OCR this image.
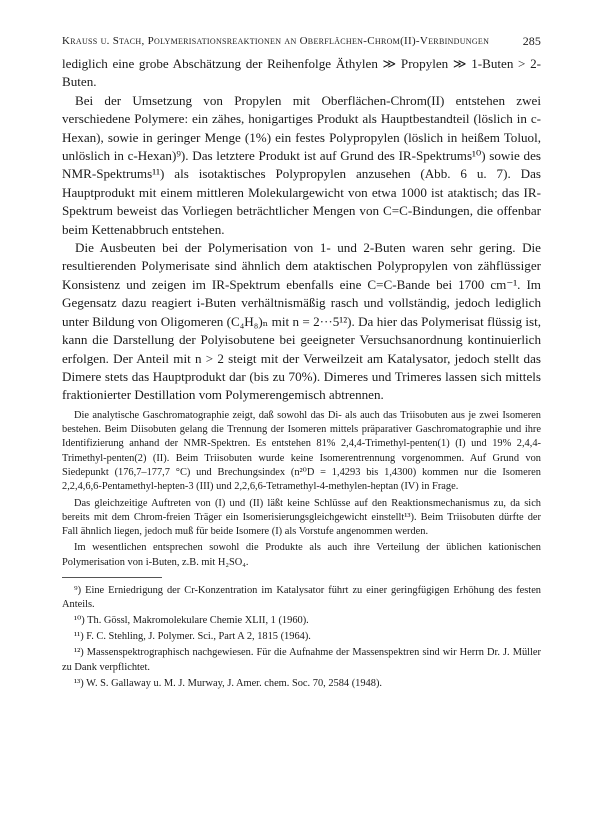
Krauss u. Stach, Polymerisationsreaktionen an Oberflächen-Chrom(II)-Verbindungen	285

lediglich eine grobe Abschätzung der Reihenfolge Äthylen ≫ Propylen ≫ 1-Buten > 2-Buten.

Bei der Umsetzung von Propylen mit Oberflächen-Chrom(II) entstehen zwei verschiedene Polymere: ein zähes, honigartiges Produkt als Hauptbestandteil (löslich in c-Hexan), sowie in geringer Menge (1%) ein festes Polypropylen (löslich in heißem Toluol, unlöslich in c-Hexan)⁹). Das letztere Produkt ist auf Grund des IR-Spektrums¹⁰) sowie des NMR-Spektrums¹¹) als isotaktisches Polypropylen anzusehen (Abb. 6 u. 7). Das Hauptprodukt mit einem mittleren Molekulargewicht von etwa 1000 ist ataktisch; das IR-Spektrum beweist das Vorliegen beträchtlicher Mengen von C=C-Bindungen, die offenbar beim Kettenabbruch entstehen.

Die Ausbeuten bei der Polymerisation von 1- und 2-Buten waren sehr gering. Die resultierenden Polymerisate sind ähnlich dem ataktischen Polypropylen von zähflüssiger Konsistenz und zeigen im IR-Spektrum ebenfalls eine C=C-Bande bei 1700 cm⁻¹. Im Gegensatz dazu reagiert i-Buten verhältnismäßig rasch und vollständig, jedoch lediglich unter Bildung von Oligomeren (C₄H₈)ₙ mit n = 2···5¹²). Da hier das Polymerisat flüssig ist, kann die Darstellung der Polyisobutene bei geeigneter Versuchsanordnung kontinuierlich erfolgen. Der Anteil mit n > 2 steigt mit der Verweilzeit am Katalysator, jedoch stellt das Dimere stets das Hauptprodukt dar (bis zu 70%). Dimeres und Trimeres lassen sich mittels fraktionierter Destillation vom Polymerengemisch abtrennen.

Die analytische Gaschromatographie zeigt, daß sowohl das Di- als auch das Triisobuten aus je zwei Isomeren bestehen. Beim Diisobuten gelang die Trennung der Isomeren mittels präparativer Gaschromatographie und ihre Identifizierung anhand der NMR-Spektren. Es entstehen 81% 2,4,4-Trimethyl-penten(1) (I) und 19% 2,4,4-Trimethyl-penten(2) (II). Beim Triisobuten wurde keine Isomerentrennung vorgenommen. Auf Grund von Siedepunkt (176,7–177,7 °C) und Brechungsindex (n²⁰D = 1,4293 bis 1,4300) kommen nur die Isomeren 2,2,4,6,6-Pentamethyl-hepten-3 (III) und 2,2,6,6-Tetramethyl-4-methylen-heptan (IV) in Frage.

Das gleichzeitige Auftreten von (I) und (II) läßt keine Schlüsse auf den Reaktionsmechanismus zu, da sich bereits mit dem Chrom-freien Träger ein Isomerisierungsgleichgewicht einstellt¹³). Beim Triisobuten dürfte der Fall ähnlich liegen, jedoch muß für beide Isomere (I) als Vorstufe angenommen werden.

Im wesentlichen entsprechen sowohl die Produkte als auch ihre Verteilung der üblichen kationischen Polymerisation von i-Buten, z.B. mit H₂SO₄.

⁹) Eine Erniedrigung der Cr-Konzentration im Katalysator führt zu einer geringfügigen Erhöhung des festen Anteils.

¹⁰) Th. Gössl, Makromolekulare Chemie XLII, 1 (1960).

¹¹) F. C. Stehling, J. Polymer. Sci., Part A 2, 1815 (1964).

¹²) Massenspektrographisch nachgewiesen. Für die Aufnahme der Massenspektren sind wir Herrn Dr. J. Müller zu Dank verpflichtet.

¹³) W. S. Gallaway u. M. J. Murway, J. Amer. chem. Soc. 70, 2584 (1948).
